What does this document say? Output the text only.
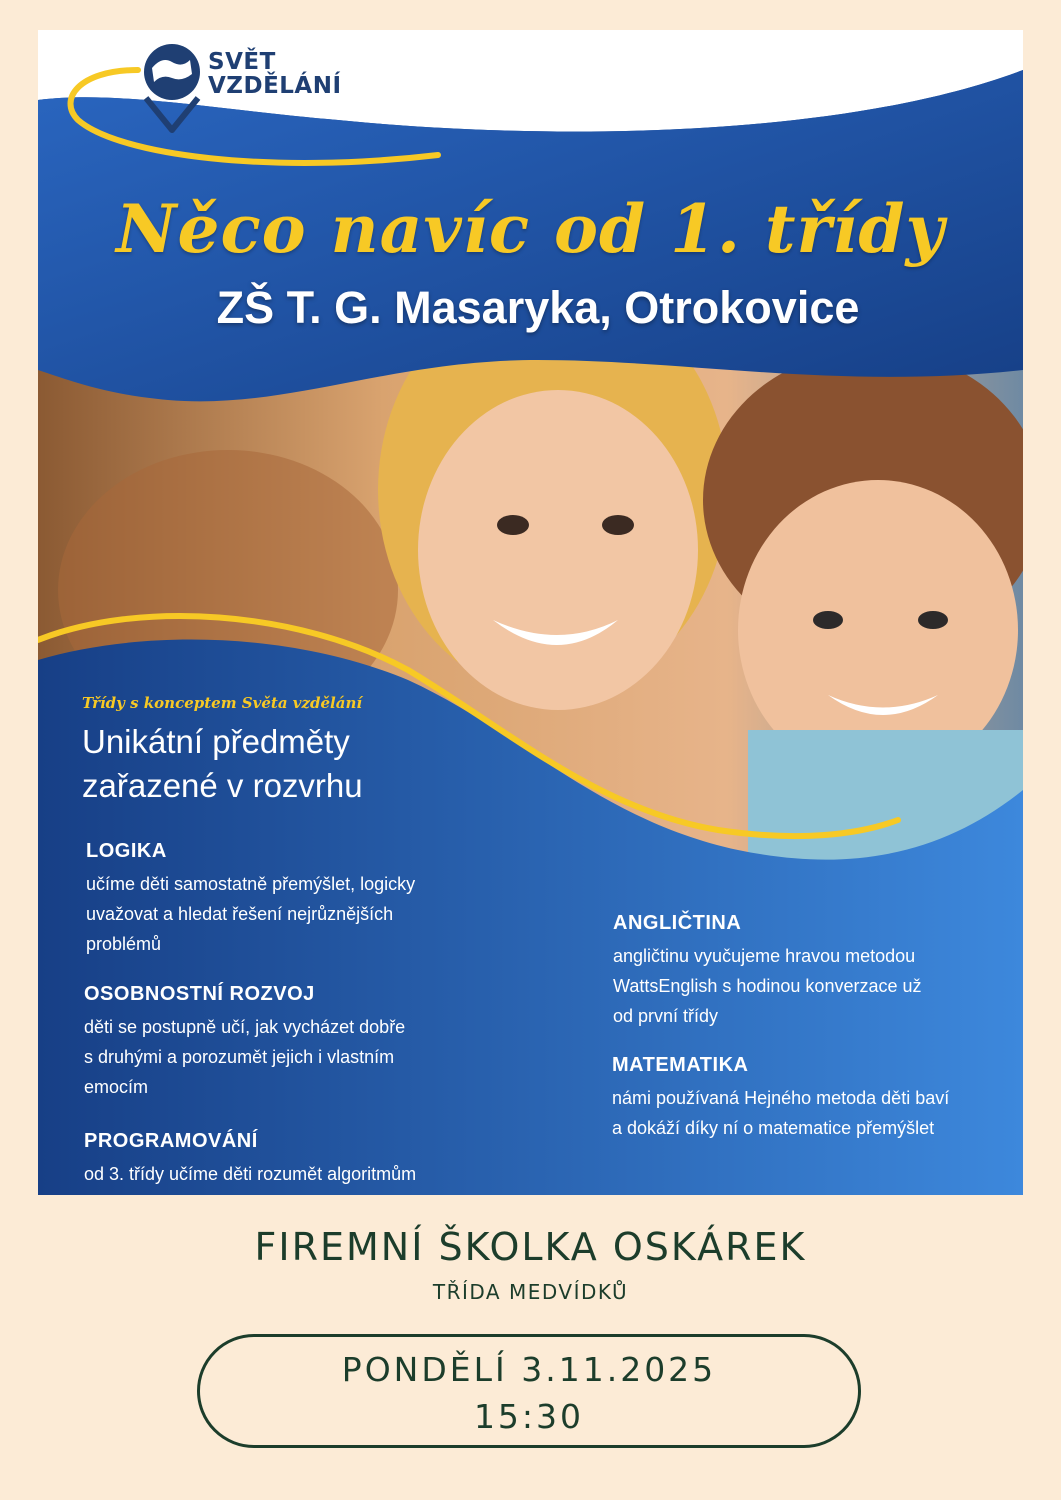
SVĚT
VZDĚLÁNÍ
Něco navíc od 1. třídy
ZŠ T. G. Masaryka, Otrokovice
Třídy s konceptem Světa vzdělání
Unikátní předměty
zařazené v rozvrhu
LOGIKA
učíme děti samostatně přemýšlet, logicky
uvažovat a hledat řešení nejrůznějších
problémů
OSOBNOSTNÍ ROZVOJ
děti se postupně učí, jak vycházet dobře
s druhými a porozumět jejich i vlastním
emocím
PROGRAMOVÁNÍ
od 3. třídy učíme děti rozumět algoritmům
ANGLIČTINA
angličtinu vyučujeme hravou metodou
WattsEnglish s hodinou konverzace už
od první třídy
MATEMATIKA
námi používaná Hejného metoda děti baví
a dokáží díky ní o matematice přemýšlet
FIREMNÍ ŠKOLKA OSKÁREK
TŘÍDA MEDVÍDKŮ
PONDĚLÍ 3.11.2025
15:30
